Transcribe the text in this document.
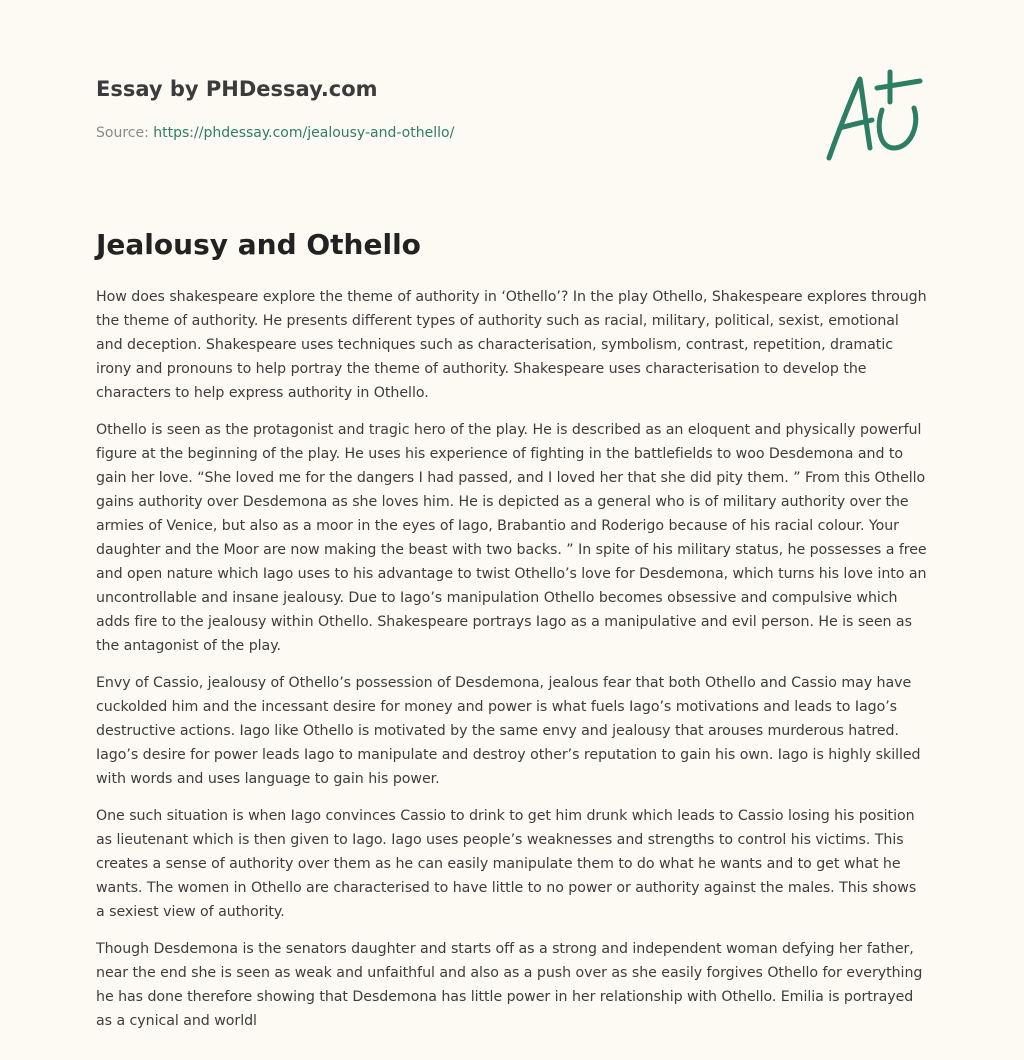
Essay by PHDessay.com
Source: https://phdessay.com/jealousy-and-othello/
Jealousy and Othello

How does shakespeare explore the theme of authority in ‘Othello’? In the play Othello, Shakespeare explores through the theme of authority. He presents different types of authority such as racial, military, political, sexist, emotional and deception. Shakespeare uses techniques such as characterisation, symbolism, contrast, repetition, dramatic irony and pronouns to help portray the theme of authority. Shakespeare uses characterisation to develop the characters to help express authority in Othello.

Othello is seen as the protagonist and tragic hero of the play. He is described as an eloquent and physically powerful figure at the beginning of the play. He uses his experience of fighting in the battlefields to woo Desdemona and to gain her love. “She loved me for the dangers I had passed, and I loved her that she did pity them. ” From this Othello gains authority over Desdemona as she loves him. He is depicted as a general who is of military authority over the armies of Venice, but also as a moor in the eyes of Iago, Brabantio and Roderigo because of his racial colour. Your daughter and the Moor are now making the beast with two backs. ” In spite of his military status, he possesses a free and open nature which Iago uses to his advantage to twist Othello’s love for Desdemona, which turns his love into an uncontrollable and insane jealousy. Due to Iago’s manipulation Othello becomes obsessive and compulsive which adds fire to the jealousy within Othello. Shakespeare portrays Iago as a manipulative and evil person. He is seen as the antagonist of the play.

Envy of Cassio, jealousy of Othello’s possession of Desdemona, jealous fear that both Othello and Cassio may have cuckolded him and the incessant desire for money and power is what fuels Iago’s motivations and leads to Iago’s destructive actions. Iago like Othello is motivated by the same envy and jealousy that arouses murderous hatred. Iago’s desire for power leads Iago to manipulate and destroy other’s reputation to gain his own. Iago is highly skilled with words and uses language to gain his power.

One such situation is when Iago convinces Cassio to drink to get him drunk which leads to Cassio losing his position as lieutenant which is then given to Iago. Iago uses people’s weaknesses and strengths to control his victims. This creates a sense of authority over them as he can easily manipulate them to do what he wants and to get what he wants. The women in Othello are characterised to have little to no power or authority against the males. This shows a sexiest view of authority.

Though Desdemona is the senators daughter and starts off as a strong and independent woman defying her father, near the end she is seen as weak and unfaithful and also as a push over as she easily forgives Othello for everything he has done therefore showing that Desdemona has little power in her relationship with Othello. Emilia is portrayed as a cynical and worldl
